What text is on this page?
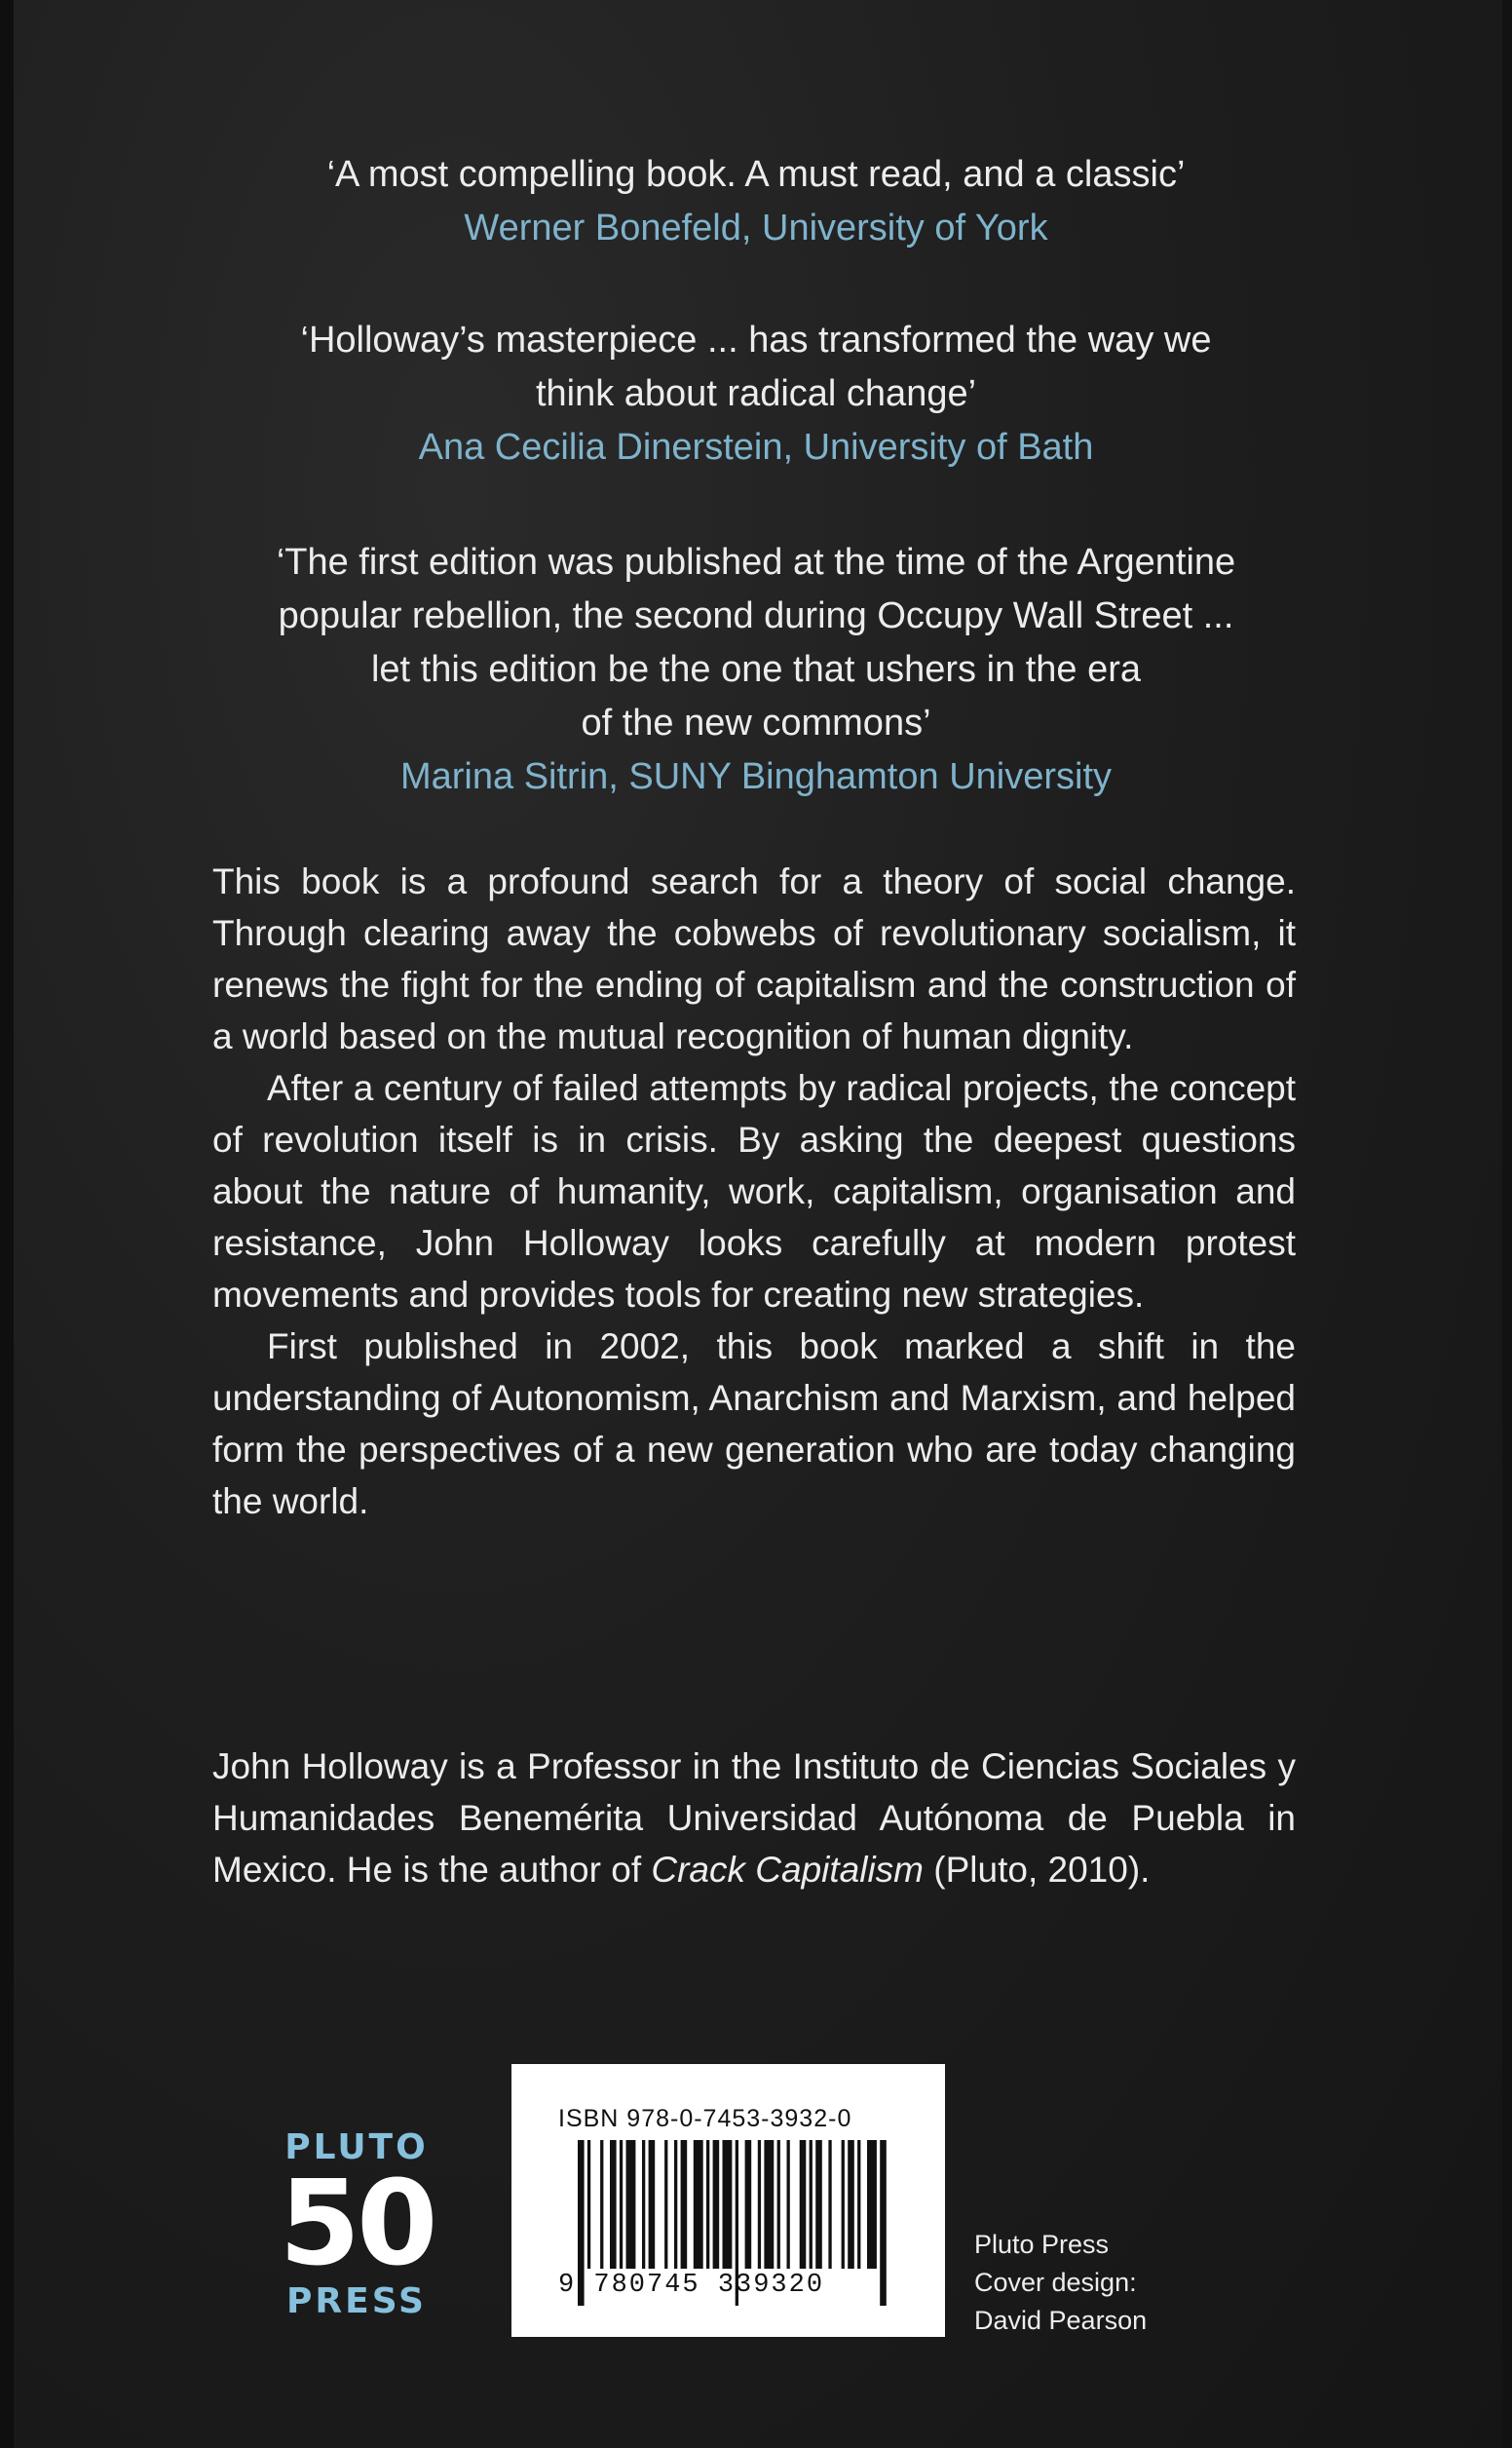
‘A most compelling book. A must read, and a classic’

Werner Bonefeld, University of York

‘Holloway’s masterpiece ... has transformed the way we

think about radical change’

Ana Cecilia Dinerstein, University of Bath

‘The first edition was published at the time of the Argentine

popular rebellion, the second during Occupy Wall Street ...

let this edition be the one that ushers in the era

of the new commons’

Marina Sitrin, SUNY Binghamton University

This book is a profound search for a theory of social change. Through clearing away the cobwebs of revolutionary socialism, it renews the fight for the ending of capitalism and the construction of a world based on the mutual recognition of human dignity.

After a century of failed attempts by radical projects, the concept of revolution itself is in crisis. By asking the deepest questions about the nature of humanity, work, capitalism, organisation and resistance, John Holloway looks carefully at modern protest movements and provides tools for creating new strategies.

First published in 2002, this book marked a shift in the understanding of Autonomism, Anarchism and Marxism, and helped form the perspectives of a new generation who are today changing the world.

John Holloway is a Professor in the Instituto de Ciencias Sociales y Humanidades Benemérita Universidad Autónoma de Puebla in Mexico. He is the author of Crack Capitalism (Pluto, 2010).

PLUTO
50
PRESS
ISBN 978-0-7453-3932-0
9 780745 339320
Pluto Press
Cover design:
David Pearson
